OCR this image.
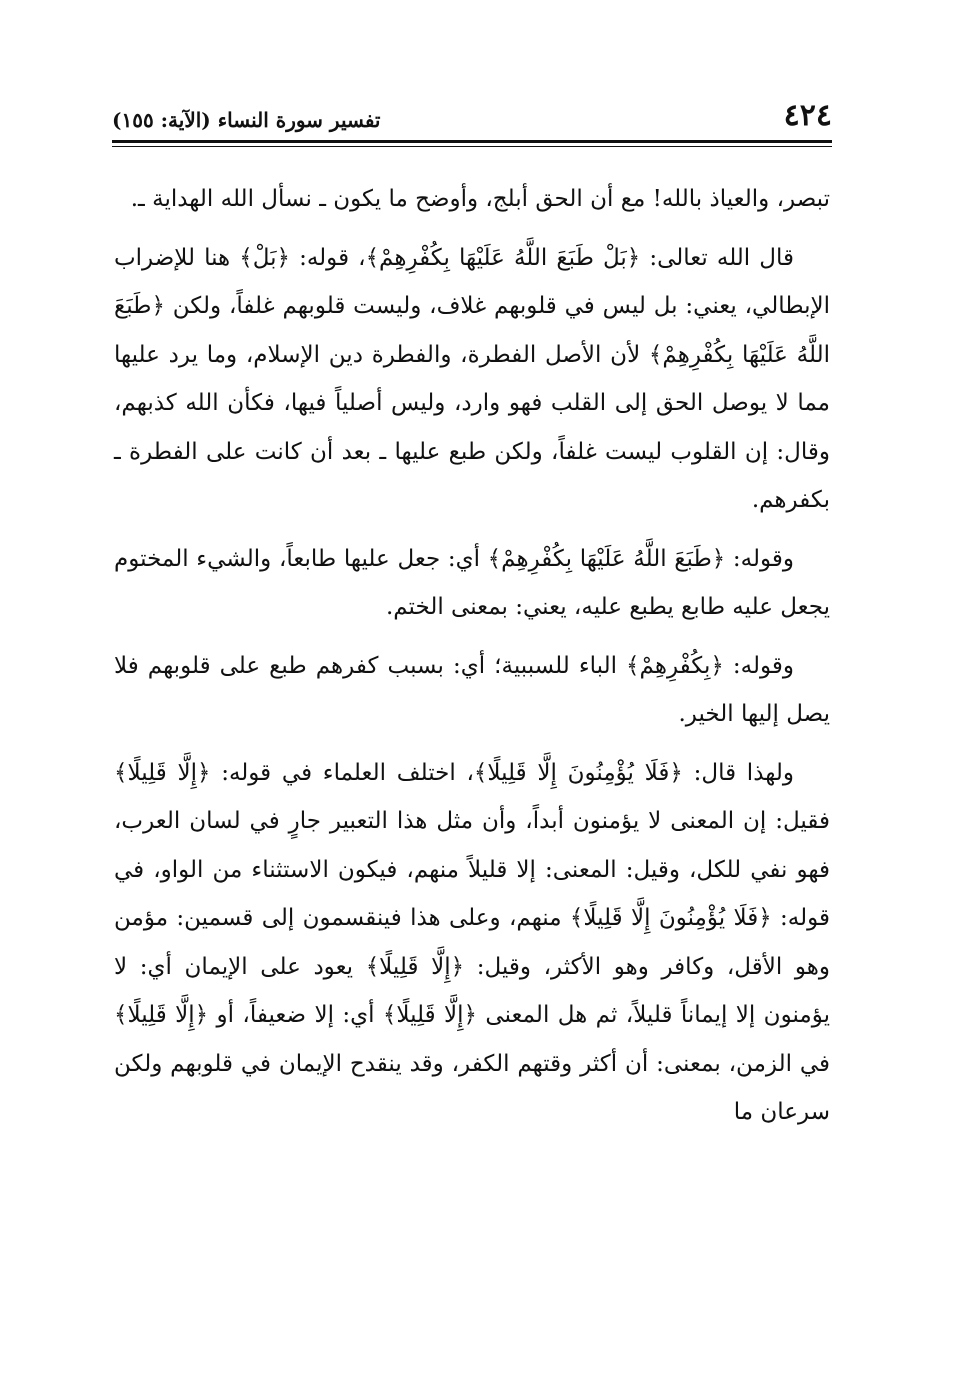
٤٢٤
تفسير سورة النساء (الآية: ١٥٥)

تبصر، والعياذ بالله! مع أن الحق أبلج، وأوضح ما يكون ـ نسأل الله الهداية ـ.

قال الله تعالى: ﴿بَلْ طَبَعَ اللَّهُ عَلَيْهَا بِكُفْرِهِمْ﴾، قوله: ﴿بَلْ﴾ هنا للإضراب الإبطالي، يعني: بل ليس في قلوبهم غلاف، وليست قلوبهم غلفاً، ولكن ﴿طَبَعَ اللَّهُ عَلَيْهَا بِكُفْرِهِمْ﴾ لأن الأصل الفطرة، والفطرة دين الإسلام، وما يرد عليها مما لا يوصل الحق إلى القلب فهو وارد، وليس أصلياً فيها، فكأن الله كذبهم، وقال: إن القلوب ليست غلفاً، ولكن طبع عليها ـ بعد أن كانت على الفطرة ـ بكفرهم.

وقوله: ﴿طَبَعَ اللَّهُ عَلَيْهَا بِكُفْرِهِمْ﴾ أي: جعل عليها طابعاً، والشيء المختوم يجعل عليه طابع يطبع عليه، يعني: بمعنى الختم.

وقوله: ﴿بِكُفْرِهِمْ﴾ الباء للسببية؛ أي: بسبب كفرهم طبع على قلوبهم فلا يصل إليها الخير.

ولهذا قال: ﴿فَلَا يُؤْمِنُونَ إِلَّا قَلِيلًا﴾، اختلف العلماء في قوله: ﴿إِلَّا قَلِيلًا﴾ فقيل: إن المعنى لا يؤمنون أبداً، وأن مثل هذا التعبير جارٍ في لسان العرب، فهو نفي للكل، وقيل: المعنى: إلا قليلاً منهم، فيكون الاستثناء من الواو، في قوله: ﴿فَلَا يُؤْمِنُونَ إِلَّا قَلِيلًا﴾ منهم، وعلى هذا فينقسمون إلى قسمين: مؤمن وهو الأقل، وكافر وهو الأكثر، وقيل: ﴿إِلَّا قَلِيلًا﴾ يعود على الإيمان أي: لا يؤمنون إلا إيماناً قليلاً، ثم هل المعنى ﴿إِلَّا قَلِيلًا﴾ أي: إلا ضعيفاً، أو ﴿إِلَّا قَلِيلًا﴾ في الزمن، بمعنى: أن أكثر وقتهم الكفر، وقد ينقدح الإيمان في قلوبهم ولكن سرعان ما
